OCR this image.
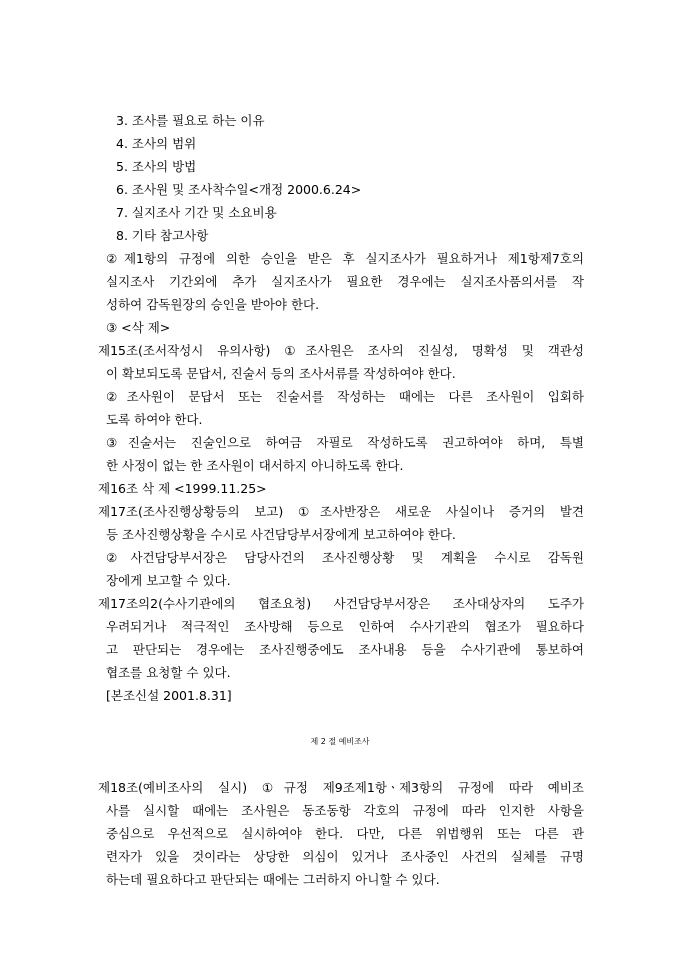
3. 조사를 필요로 하는 이유
4. 조사의 범위
5. 조사의 방법
6. 조사원 및 조사착수일<개정 2000.6.24>
7. 실지조사 기간 및 소요비용
8. 기타 참고사항
②제1항의 규정에 의한 승인을 받은 후 실지조사가 필요하거나 제1항제7호의
실지조사 기간외에 추가 실지조사가 필요한 경우에는 실지조사품의서를 작
성하여 감독원장의 승인을 받아야 한다.
③ <삭 제>
제15조(조서작성시 유의사항) ①조사원은 조사의 진실성, 명확성 및 객관성
이 확보되도록 문답서, 진술서 등의 조사서류를 작성하여야 한다.
②조사원이 문답서 또는 진술서를 작성하는 때에는 다른 조사원이 입회하
도록 하여야 한다.
③진술서는 진술인으로 하여금 자필로 작성하도록 권고하여야 하며, 특별
한 사정이 없는 한 조사원이 대서하지 아니하도록 한다.
제16조 삭 제 <1999.11.25>
제17조(조사진행상황등의 보고) ①조사반장은 새로운 사실이나 증거의 발견
등 조사진행상황을 수시로 사건담당부서장에게 보고하여야 한다.
②사건담당부서장은 담당사건의 조사진행상황 및 계획을 수시로 감독원
장에게 보고할 수 있다.
제17조의2(수사기관에의 협조요청) 사건담당부서장은 조사대상자의 도주가
우려되거나 적극적인 조사방해 등으로 인하여 수사기관의 협조가 필요하다
고 판단되는 경우에는 조사진행중에도 조사내용 등을 수사기관에 통보하여
협조를 요청할 수 있다.
[본조신설 2001.8.31]
제 2 절 예비조사
제18조(예비조사의 실시) ①규정 제9조제1항ㆍ제3항의 규정에 따라 예비조
사를 실시할 때에는 조사원은 동조동항 각호의 규정에 따라 인지한 사항을
중심으로 우선적으로 실시하여야 한다. 다만, 다른 위법행위 또는 다른 관
련자가 있을 것이라는 상당한 의심이 있거나 조사중인 사건의 실체를 규명
하는데 필요하다고 판단되는 때에는 그러하지 아니할 수 있다.
